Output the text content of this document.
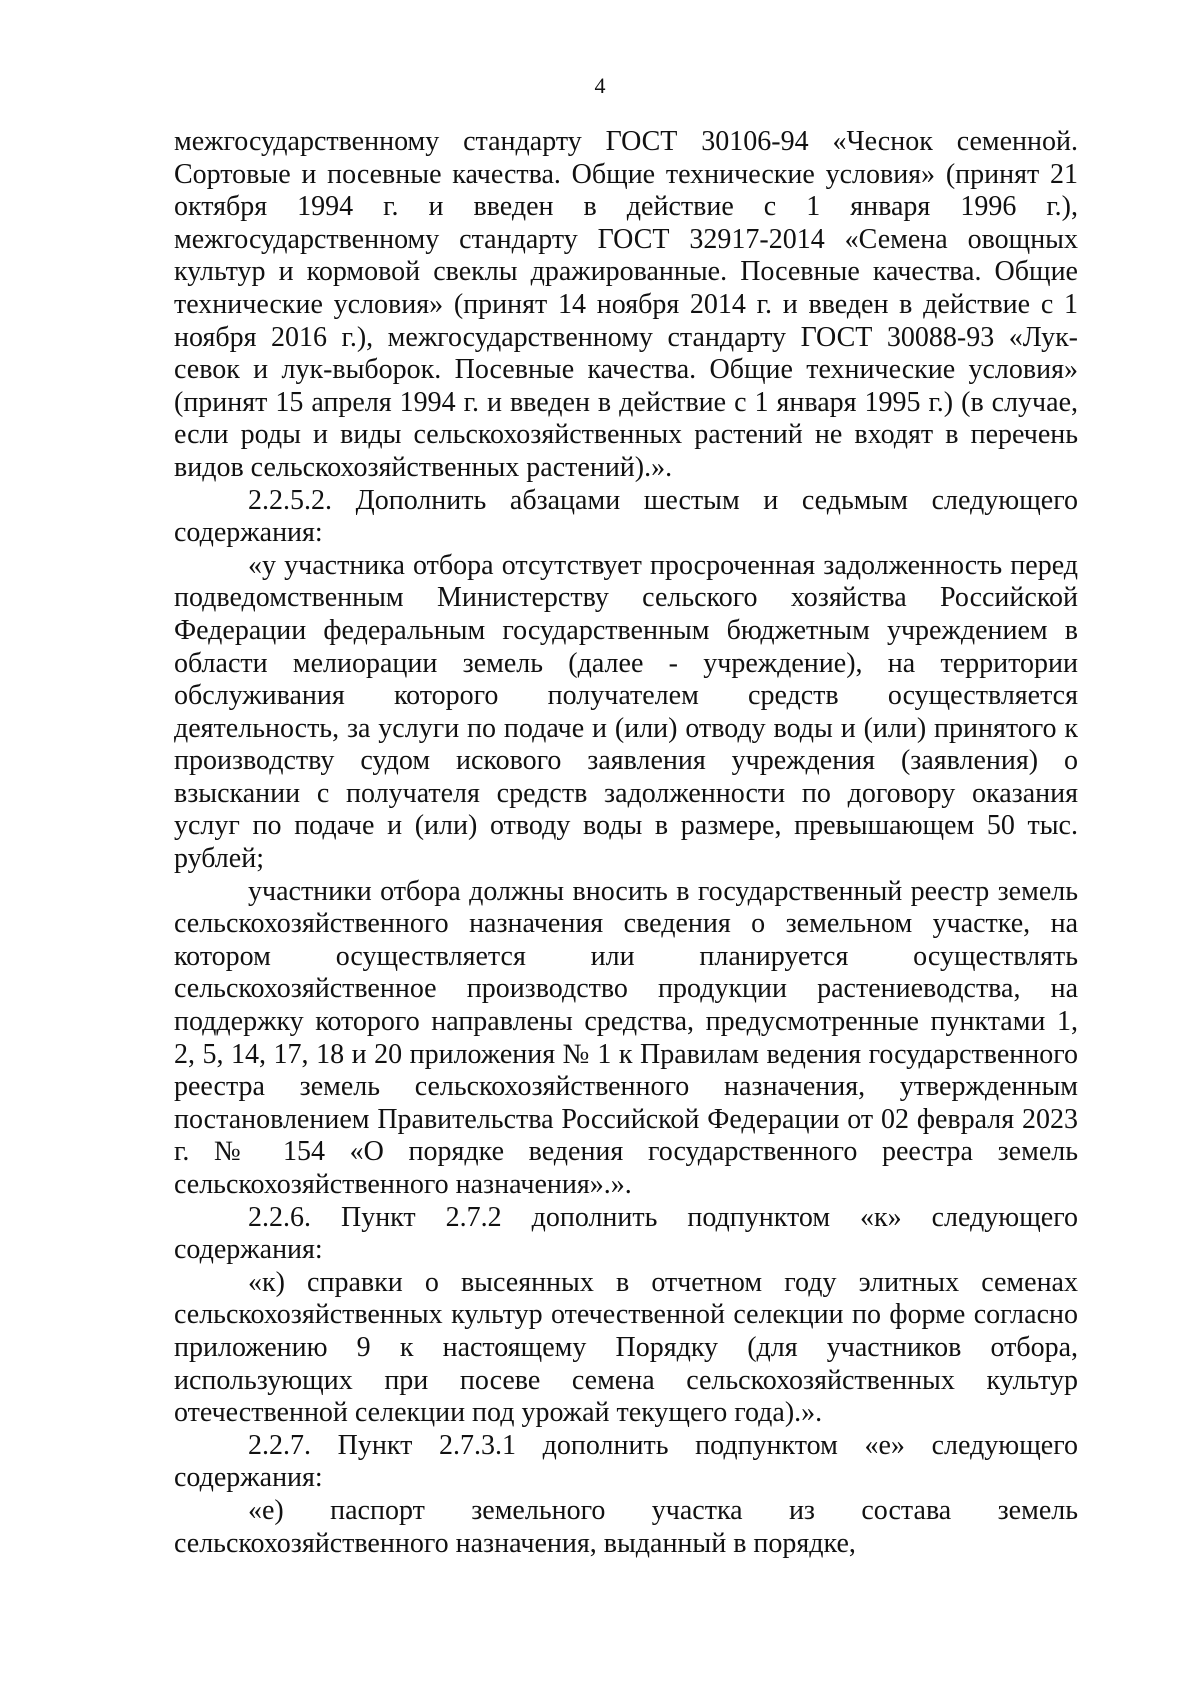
4

межгосударственному стандарту ГОСТ 30106-94 «Чеснок семенной. Сортовые и посевные качества. Общие технические условия» (принят 21 октября 1994 г. и введен в действие с 1 января 1996 г.), межгосударственному стандарту ГОСТ 32917-2014 «Семена овощных культур и кормовой свеклы дражированные. Посевные качества. Общие технические условия» (принят 14 ноября 2014 г. и введен в действие с 1 ноября 2016 г.), межгосударственному стандарту ГОСТ 30088-93 «Лук-севок и лук-выборок. Посевные качества. Общие технические условия» (принят 15 апреля 1994 г. и введен в действие с 1 января 1995 г.) (в случае, если роды и виды сельскохозяйственных растений не входят в перечень видов сельскохозяйственных растений).».

2.2.5.2. Дополнить абзацами шестым и седьмым следующего содержания:

«у участника отбора отсутствует просроченная задолженность перед подведомственным Министерству сельского хозяйства Российской Федерации федеральным государственным бюджетным учреждением в области мелиорации земель (далее - учреждение), на территории обслуживания которого получателем средств осуществляется деятельность, за услуги по подаче и (или) отводу воды и (или) принятого к производству судом искового заявления учреждения (заявления) о взыскании с получателя средств задолженности по договору оказания услуг по подаче и (или) отводу воды в размере, превышающем 50 тыс. рублей;

участники отбора должны вносить в государственный реестр земель сельскохозяйственного назначения сведения о земельном участке, на котором осуществляется или планируется осуществлять сельскохозяйственное производство продукции растениеводства, на поддержку которого направлены средства, предусмотренные пунктами 1, 2, 5, 14, 17, 18 и 20 приложения № 1 к Правилам ведения государственного реестра земель сельскохозяйственного назначения, утвержденным постановлением Правительства Российской Федерации от 02 февраля 2023 г. № 154 «О порядке ведения государственного реестра земель сельскохозяйственного назначения».».

2.2.6. Пункт 2.7.2 дополнить подпунктом «к» следующего содержания:

«к) справки о высеянных в отчетном году элитных семенах сельскохозяйственных культур отечественной селекции по форме согласно приложению 9 к настоящему Порядку (для участников отбора, использующих при посеве семена сельскохозяйственных культур отечественной селекции под урожай текущего года).».

2.2.7. Пункт 2.7.3.1 дополнить подпунктом «е» следующего содержания:

«е) паспорт земельного участка из состава земель сельскохозяйственного назначения, выданный в порядке,
